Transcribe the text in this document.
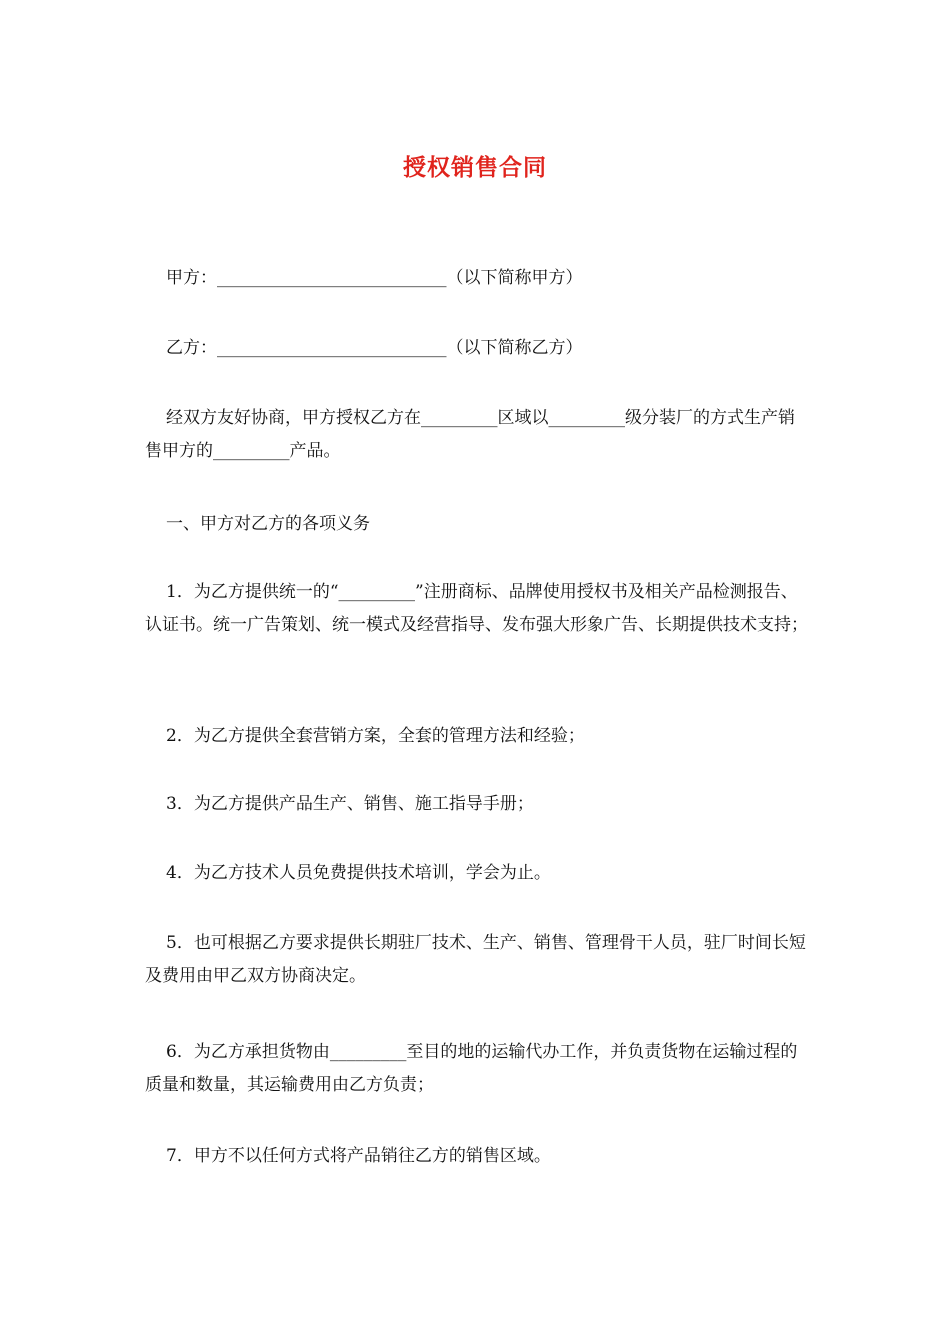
授权销售合同
甲方：___________________________（以下简称甲方）
乙方：___________________________（以下简称乙方）
经双方友好协商，甲方授权乙方在_________区域以_________级分装厂的方式生产销售甲方的_________产品。
一、甲方对乙方的各项义务
1．为乙方提供统一的“_________”注册商标、品牌使用授权书及相关产品检测报告、认证书。统一广告策划、统一模式及经营指导、发布强大形象广告、长期提供技术支持；
2．为乙方提供全套营销方案，全套的管理方法和经验；
3．为乙方提供产品生产、销售、施工指导手册；
4．为乙方技术人员免费提供技术培训，学会为止。
5．也可根据乙方要求提供长期驻厂技术、生产、销售、管理骨干人员，驻厂时间长短及费用由甲乙双方协商决定。
6．为乙方承担货物由_________至目的地的运输代办工作，并负责货物在运输过程的质量和数量，其运输费用由乙方负责；
7．甲方不以任何方式将产品销往乙方的销售区域。
